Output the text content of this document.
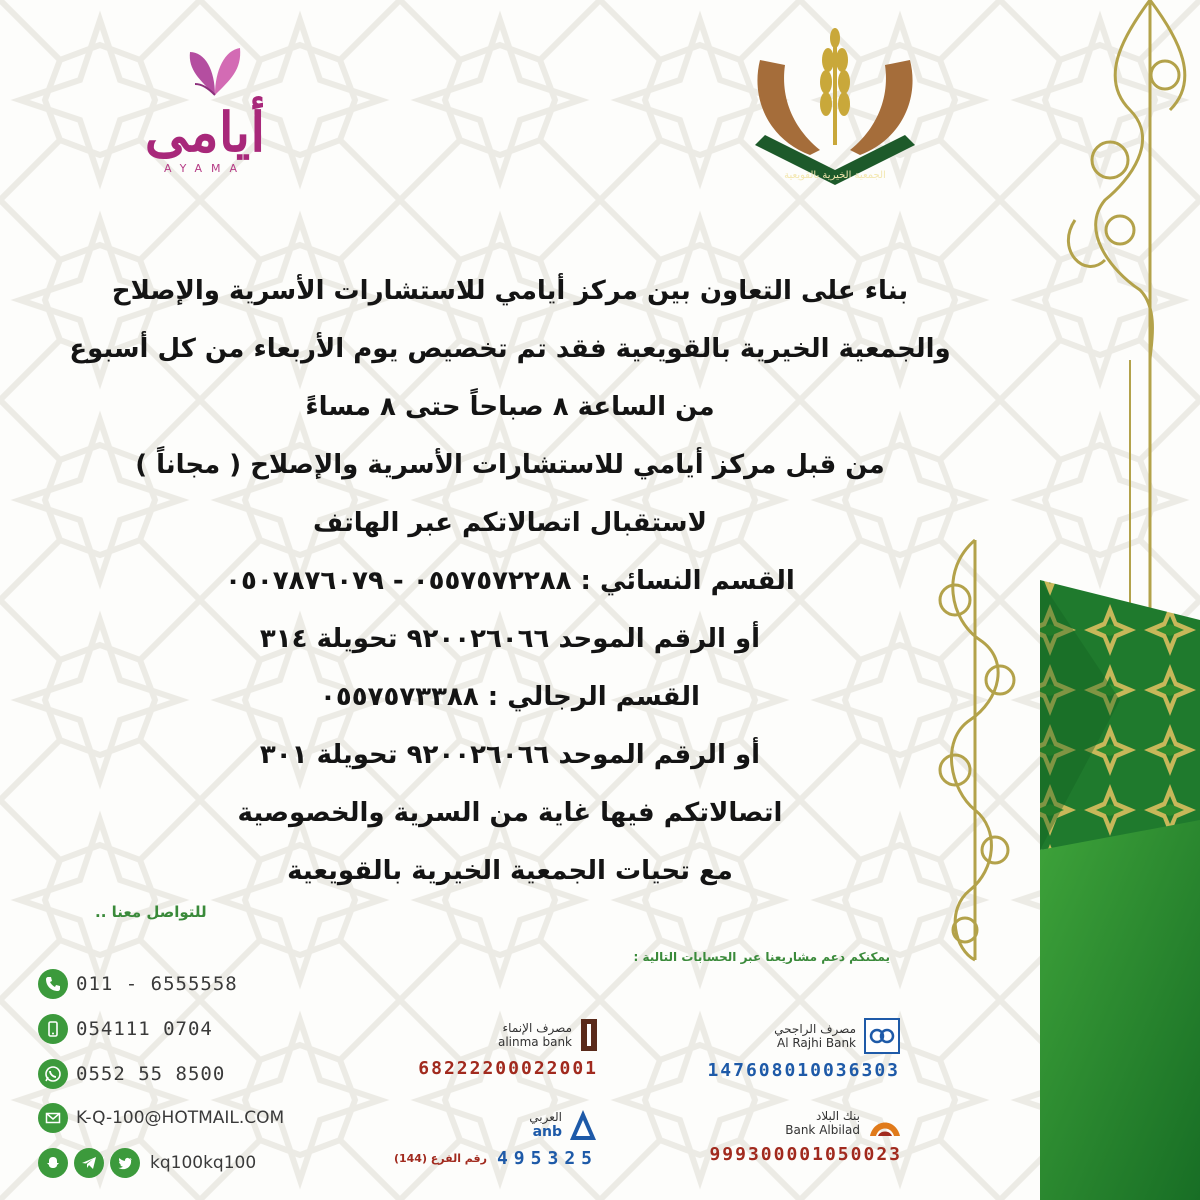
أيامى
AYAMA
الجمعية الخيرية بالقويعية
بناء على التعاون بين مركز أيامي للاستشارات الأسرية والإصلاح
والجمعية الخيرية بالقويعية فقد تم تخصيص يوم الأربعاء من كل أسبوع
من الساعة ٨ صباحاً حتى ٨ مساءً
من قبل مركز أيامي للاستشارات الأسرية والإصلاح ( مجاناً )
لاستقبال اتصالاتكم عبر الهاتف
القسم النسائي : ٠٥٥٧٥٧٢٢٨٨ - ٠٥٠٧٨٧٦٠٧٩
أو الرقم الموحد ٩٢٠٠٢٦٠٦٦ تحويلة ٣١٤
القسم الرجالي : ٠٥٥٧٥٧٣٣٨٨
أو الرقم الموحد ٩٢٠٠٢٦٠٦٦ تحويلة ٣٠١
اتصالاتكم فيها غاية من السرية والخصوصية
مع تحيات الجمعية الخيرية بالقويعية
للتواصل معنا ..
يمكنكم دعم مشاريعنا عبر الحسابات التالية :
011 - 6555558
054111 0704
0552 55 8500
K-Q-100@HOTMAIL.COM
kq100kq100
مصرف الإنماء
alinma bank
68222200022001
مصرف الراجحي
Al Rajhi Bank
147608010036303
العربي
anb
رقم الفرع (144) 495325
بنك البلاد
Bank Albilad
999300001050023
